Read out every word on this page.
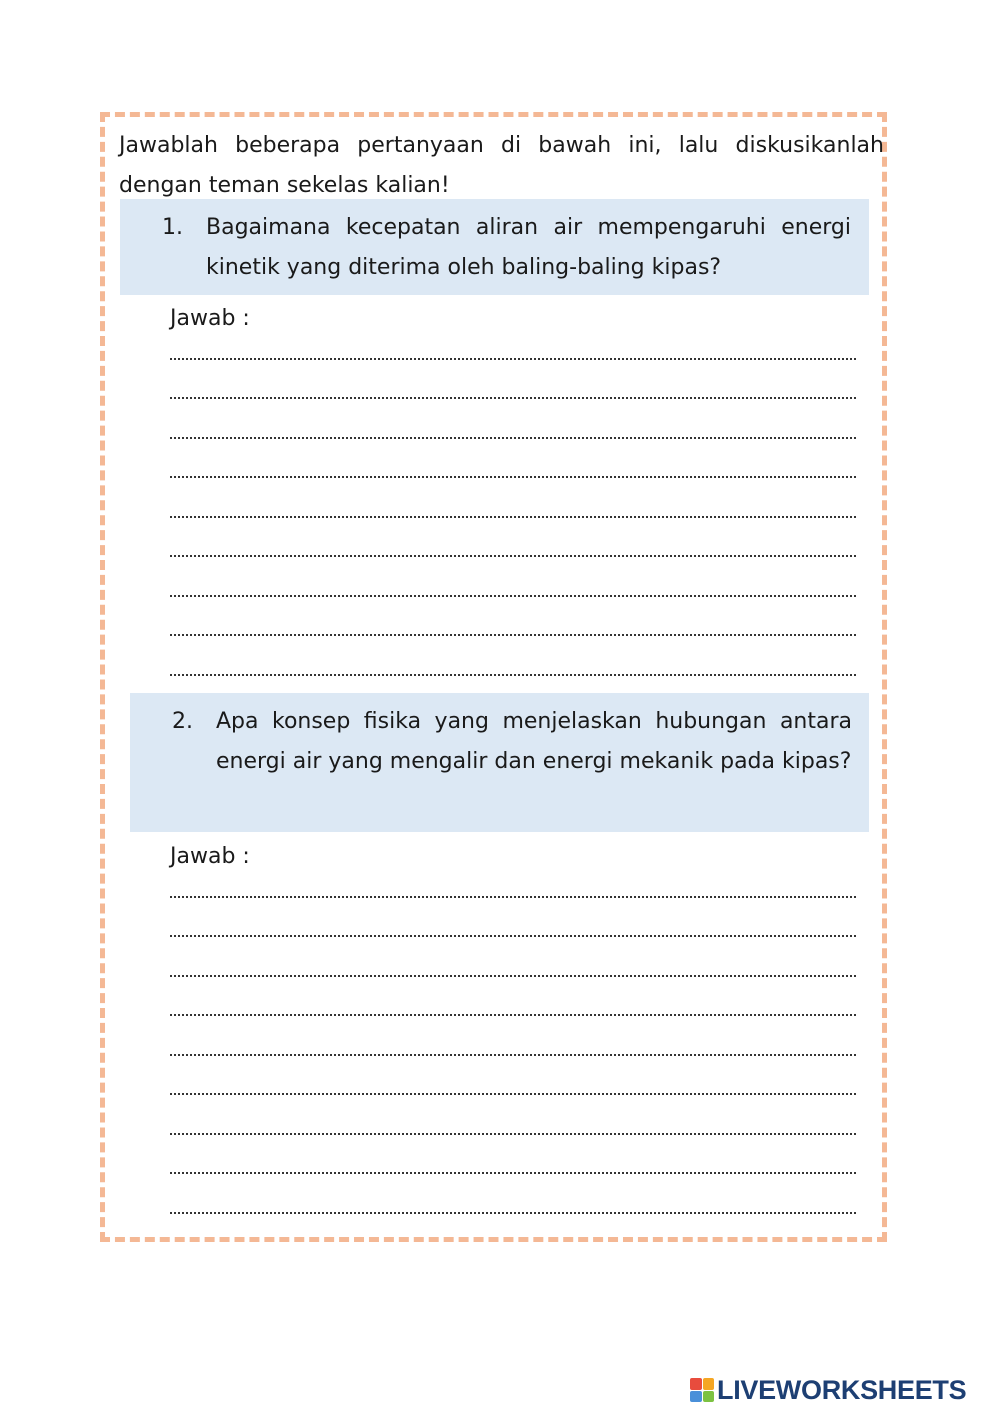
Jawablah beberapa pertanyaan di bawah ini, lalu diskusikanlah dengan teman sekelas kalian!
1. Bagaimana kecepatan aliran air mempengaruhi energi kinetik yang diterima oleh baling-baling kipas?
Jawab :
2. Apa konsep fisika yang menjelaskan hubungan antara energi air yang mengalir dan energi mekanik pada kipas?
Jawab :
LIVEWORKSHEETS
